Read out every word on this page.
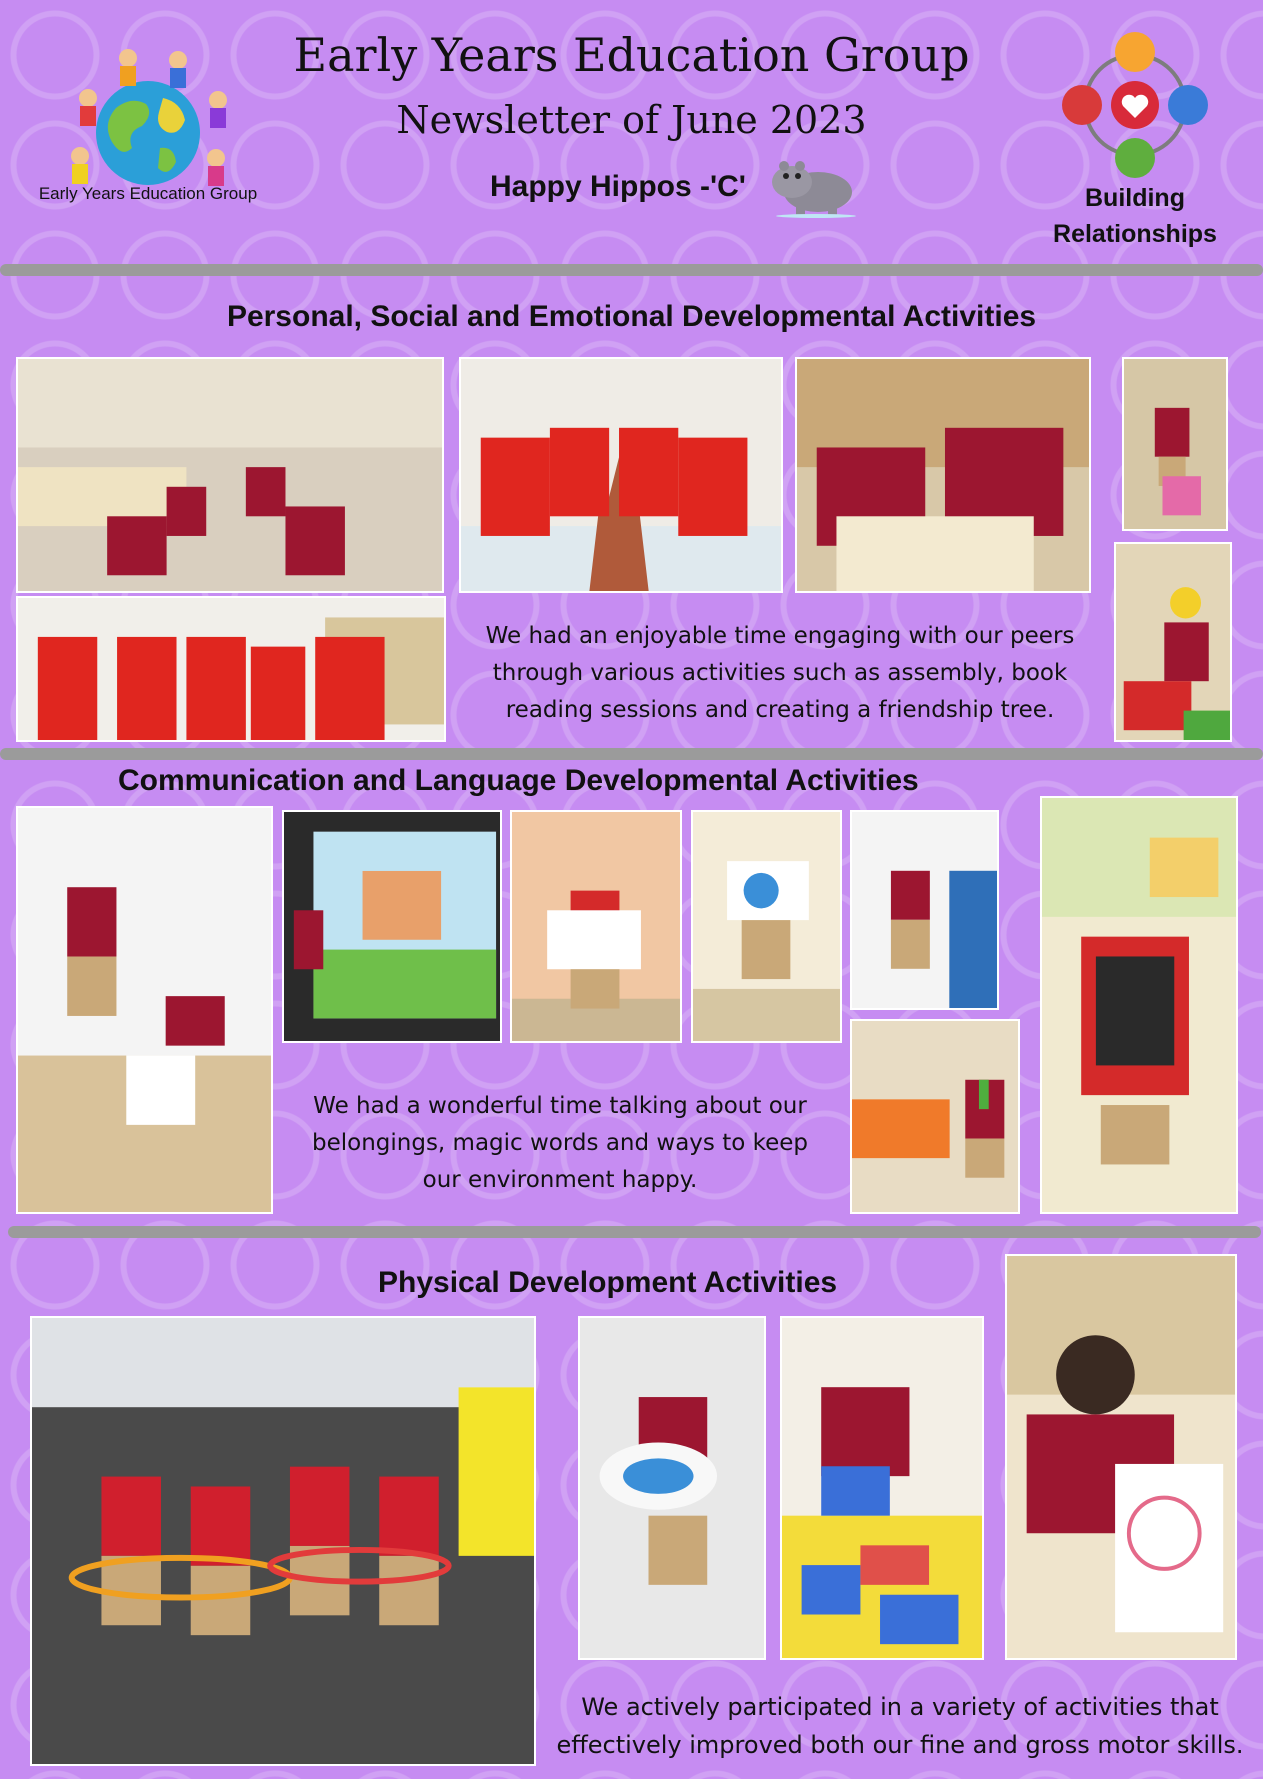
Early Years Education Group
Early Years Education Group
Newsletter of June 2023
Happy Hippos -'C'	Building
Relationships
Personal, Social and Emotional Developmental Activities
We had an enjoyable time engaging with our peers through various activities such as assembly, book reading sessions and creating a friendship tree.
Communication and Language Developmental Activities
We had a wonderful time talking about our belongings, magic words and ways to keep our environment happy.
Physical Development Activities
We actively participated in a variety of activities that effectively improved both our fine and gross motor skills.
